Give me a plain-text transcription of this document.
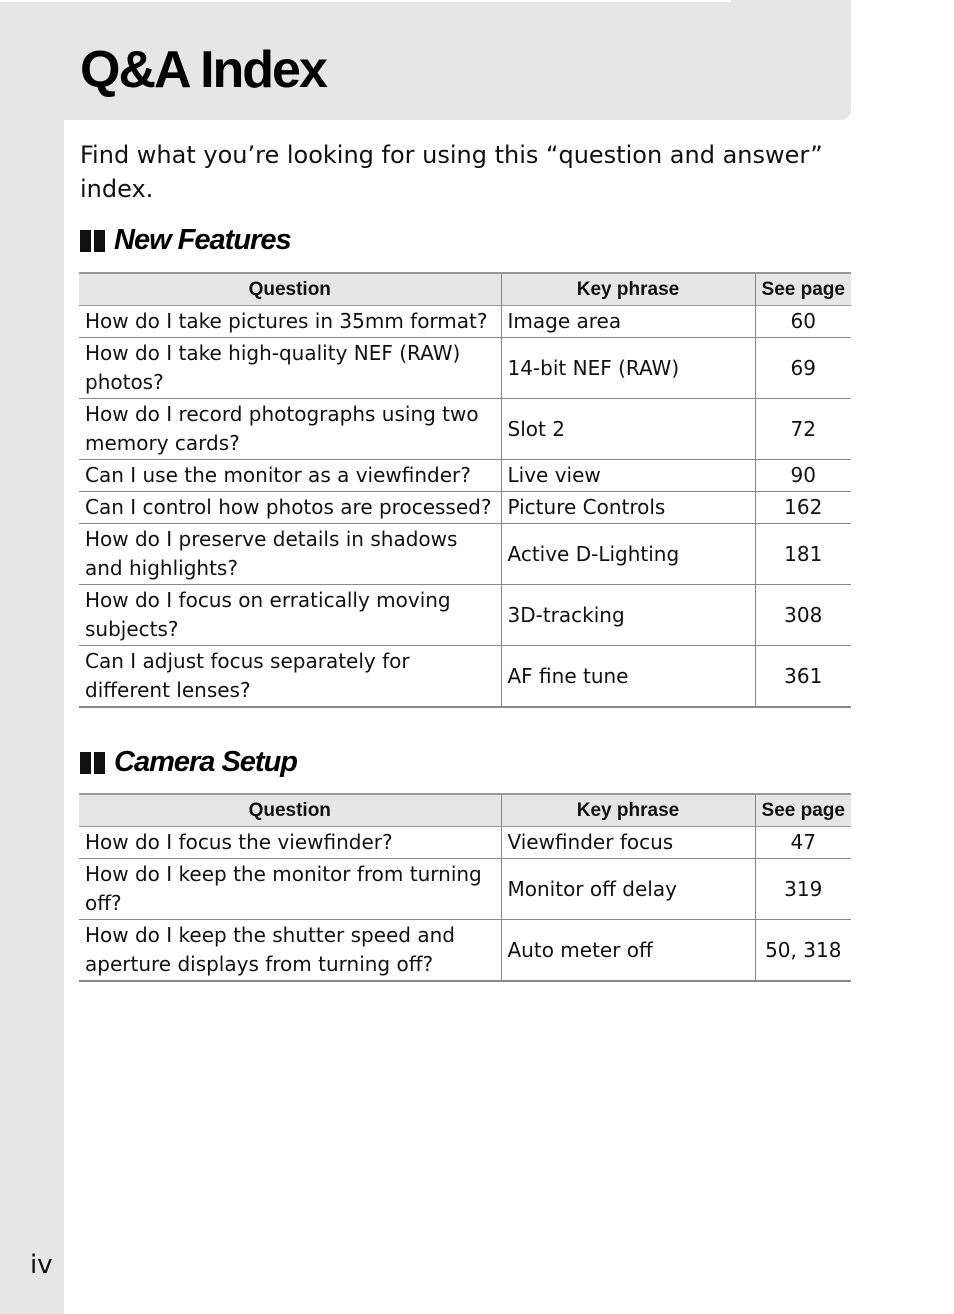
Q&A Index

Find what you’re looking for using this “question and answer” index.

New Features
Question	Key phrase	See page
How do I take pictures in 35mm format?	Image area	60
How do I take high-quality NEF (RAW) photos?	14-bit NEF (RAW)	69
How do I record photographs using two memory cards?	Slot 2	72
Can I use the monitor as a viewfinder?	Live view	90
Can I control how photos are processed?	Picture Controls	162
How do I preserve details in shadows and highlights?	Active D-Lighting	181
How do I focus on erratically moving subjects?	3D-tracking	308
Can I adjust focus separately for different lenses?	AF fine tune	361
Camera Setup
Question	Key phrase	See page
How do I focus the viewfinder?	Viewfinder focus	47
How do I keep the monitor from turning off?	Monitor off delay	319
How do I keep the shutter speed and aperture displays from turning off?	Auto meter off	50, 318
iv
